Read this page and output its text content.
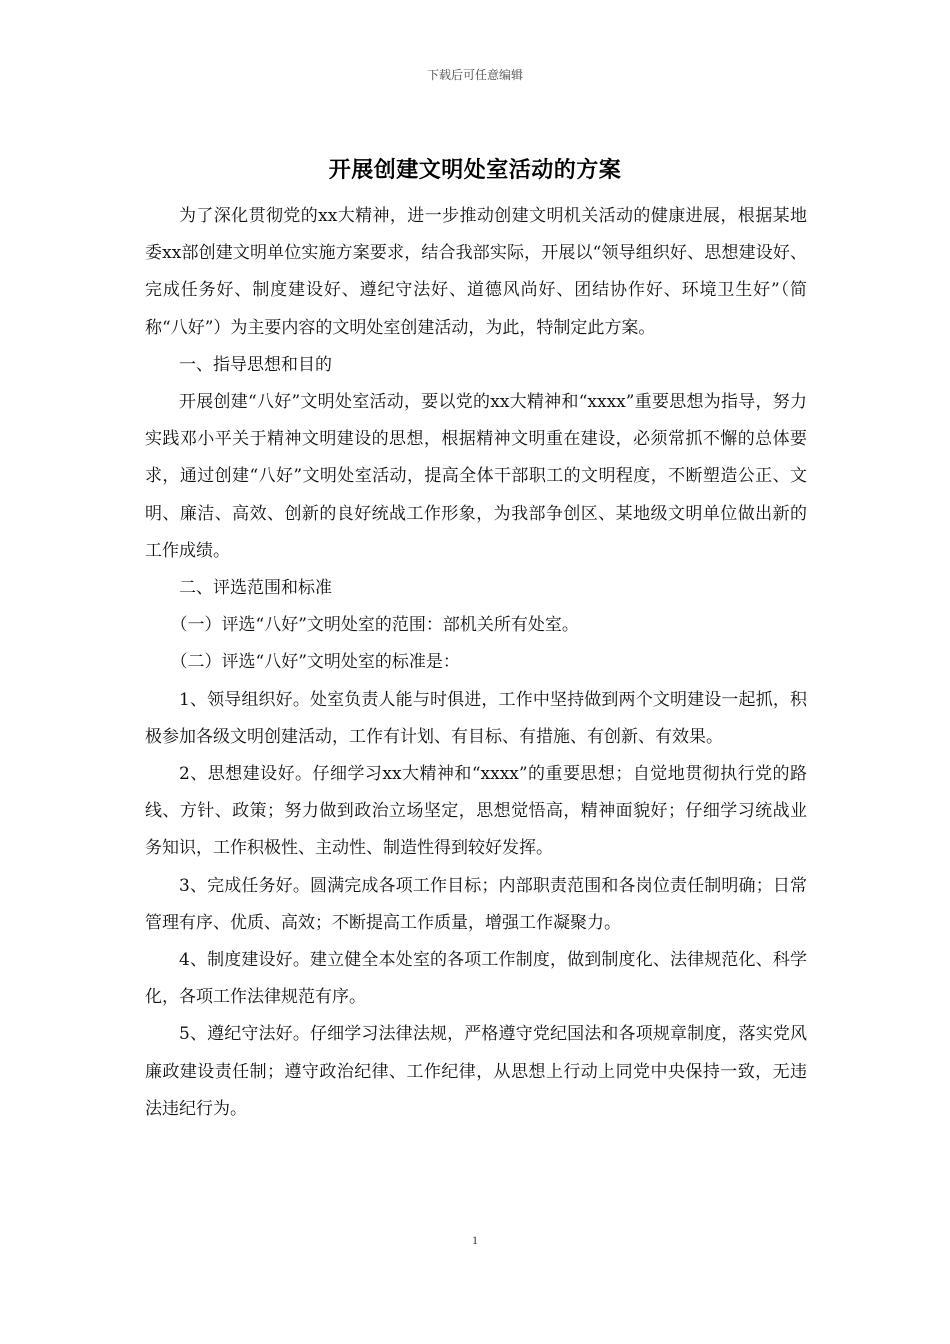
下载后可任意编辑
开展创建文明处室活动的方案

为了深化贯彻党的xx大精神，进一步推动创建文明机关活动的健康进展，根据某地委xx部创建文明单位实施方案要求，结合我部实际，开展以“领导组织好、思想建设好、完成任务好、制度建设好、遵纪守法好、道德风尚好、团结协作好、环境卫生好”（简称“八好”）为主要内容的文明处室创建活动，为此，特制定此方案。

一、指导思想和目的

开展创建“八好”文明处室活动，要以党的xx大精神和“xxxx”重要思想为指导，努力实践邓小平关于精神文明建设的思想，根据精神文明重在建设，必须常抓不懈的总体要求，通过创建“八好”文明处室活动，提高全体干部职工的文明程度，不断塑造公正、文明、廉洁、高效、创新的良好统战工作形象，为我部争创区、某地级文明单位做出新的工作成绩。

二、评选范围和标准

（一）评选“八好”文明处室的范围：部机关所有处室。

（二）评选“八好”文明处室的标准是：

1、领导组织好。处室负责人能与时俱进，工作中坚持做到两个文明建设一起抓，积极参加各级文明创建活动，工作有计划、有目标、有措施、有创新、有效果。

2、思想建设好。仔细学习xx大精神和“xxxx”的重要思想；自觉地贯彻执行党的路线、方针、政策；努力做到政治立场坚定，思想觉悟高，精神面貌好；仔细学习统战业务知识，工作积极性、主动性、制造性得到较好发挥。

3、完成任务好。圆满完成各项工作目标；内部职责范围和各岗位责任制明确；日常管理有序、优质、高效；不断提高工作质量，增强工作凝聚力。

4、制度建设好。建立健全本处室的各项工作制度，做到制度化、法律规范化、科学化，各项工作法律规范有序。

5、遵纪守法好。仔细学习法律法规，严格遵守党纪国法和各项规章制度，落实党风廉政建设责任制；遵守政治纪律、工作纪律，从思想上行动上同党中央保持一致，无违法违纪行为。

1
